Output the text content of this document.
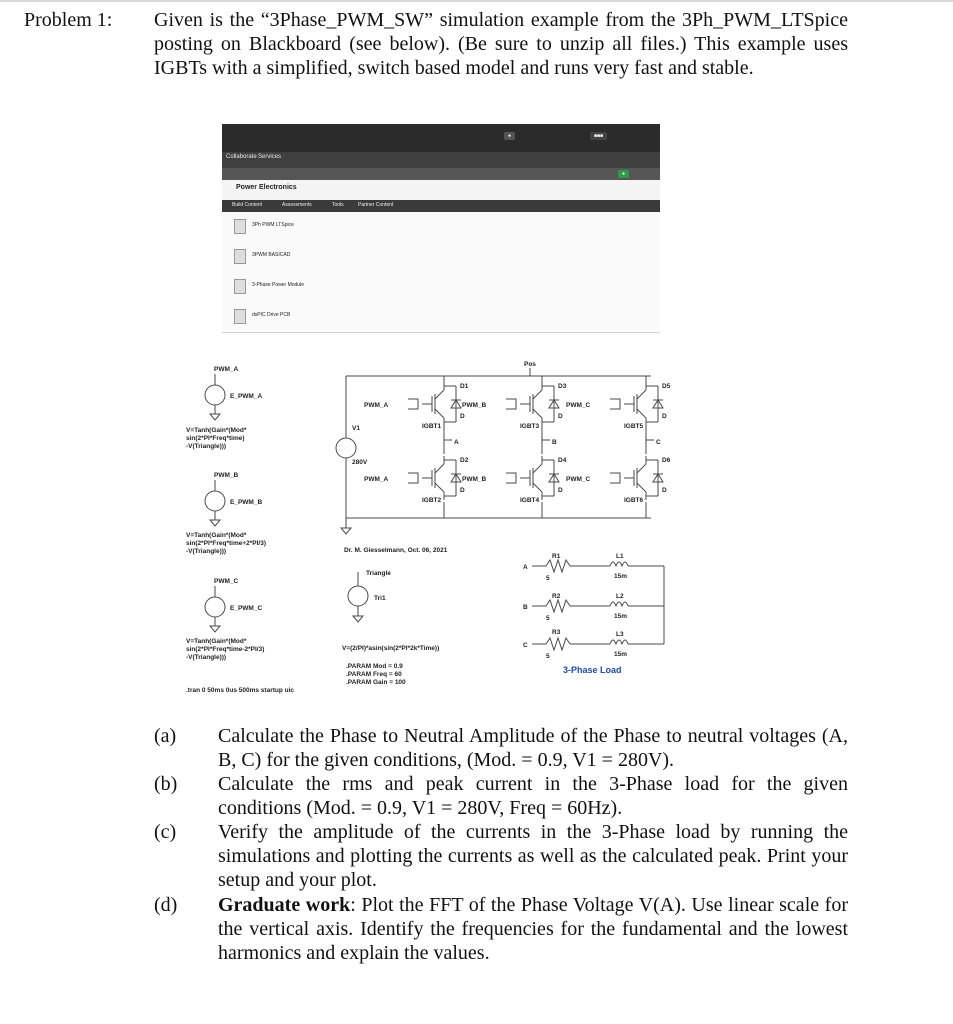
Problem 1: Given is the “3Phase_PWM_SW” simulation example from the 3Ph_PWM_LTSpice posting on Blackboard (see below). (Be sure to unzip all files.) This example uses IGBTs with a simplified, switch based model and runs very fast and stable.
●	■■■
Collaborate Services
●
Power Electronics
Build Content	Assessments	Tools	Partner Content
3Ph PWM LTSpice
3PWM BASICAD
3-Phase Power Module
dsPIC Drive PCB
PWM_A
IGBT1
D1
D
PWM_A
IGBT2
D2
D
A
PWM_B
IGBT3
D3
D
PWM_B
IGBT4
D4
D
B
PWM_C
IGBT5
D5
D
PWM_C
IGBT6
D6
D
C
PWM_A
E_PWM_A
V=Tanh(Gain*(Mod*
sin(2*PI*Freq*time)
-V(Triangle)))
PWM_B
E_PWM_B
V=Tanh(Gain*(Mod*
sin(2*PI*Freq*time+2*PI/3)
-V(Triangle)))
PWM_C
E_PWM_C
V=Tanh(Gain*(Mod*
sin(2*PI*Freq*time-2*PI/3)
-V(Triangle)))
.tran 0 50ms 0us 500ms startup uic
Pos
V1
280V
Dr. M. Giesselmann, Oct. 06, 2021
Triangle
Tri1
V=(2/PI)*asin(sin(2*PI*2k*Time))
.PARAM Mod = 0.9
.PARAM Freq = 60
.PARAM Gain = 100
A
R1
5
L1
15m
B
R2
5
L2
15m
C
R3
5
L3
15m
3-Phase Load
(a) Calculate the Phase to Neutral Amplitude of the Phase to neutral voltages (A, B, C) for the given conditions, (Mod. = 0.9, V1 = 280V).
(b) Calculate the rms and peak current in the 3-Phase load for the given conditions (Mod. = 0.9, V1 = 280V, Freq = 60Hz).
(c) Verify the amplitude of the currents in the 3-Phase load by running the simulations and plotting the currents as well as the calculated peak. Print your setup and your plot.
(d) Graduate work: Plot the FFT of the Phase Voltage V(A). Use linear scale for the vertical axis. Identify the frequencies for the fundamental and the lowest harmonics and explain the values.
